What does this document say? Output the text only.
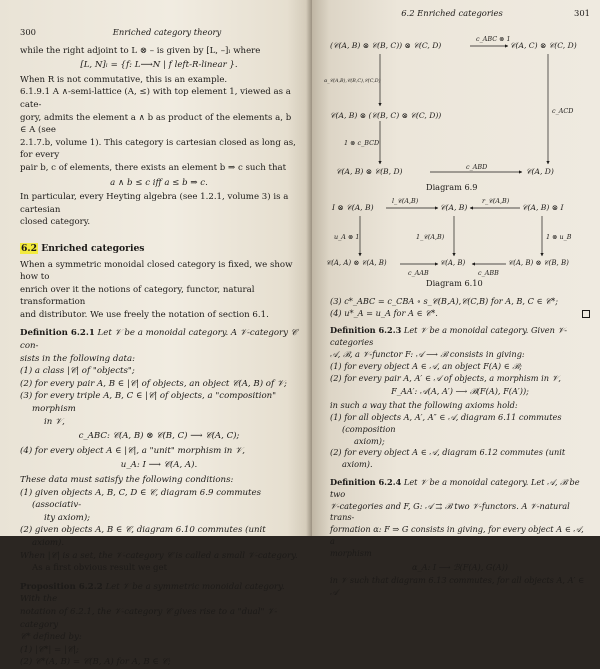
300	Enriched category theory

while the right adjoint to L ⊗ – is given by [L, –]ₗ where

[L, N]ₗ = {f: L⟶N | f left-R-linear }.

When R is not commutative, this is an example.

6.1.9.1 A ∧-semi-lattice (A, ≤) with top element 1, viewed as a cate-

gory, admits the element a ∧ b as product of the elements a, b ∈ A (see

2.1.7.b, volume 1). This category is cartesian closed as long as, for every

pair b, c of elements, there exists an element b ⇒ c such that

a ∧ b ≤ c iff a ≤ b ⇒ c.

In particular, every Heyting algebra (see 1.2.1, volume 3) is a cartesian

closed category.

6.2 Enriched categories

When a symmetric monoidal closed category is fixed, we show how to

enrich over it the notions of category, functor, natural transformation

and distributor. We use freely the notation of section 6.1.

Definition 6.2.1 Let 𝒱 be a monoidal category. A 𝒱-category 𝒞 con-

sists in the following data:

(1) a class |𝒞| of "objects";

(2) for every pair A, B ∈ |𝒞| of objects, an object 𝒞(A, B) of 𝒱;

(3) for every triple A, B, C ∈ |𝒞| of objects, a "composition" morphism

in 𝒱,

c_ABC: 𝒞(A, B) ⊗ 𝒞(B, C) ⟶ 𝒞(A, C);

(4) for every object A ∈ |𝒞|, a "unit" morphism in 𝒱,

u_A: I ⟶ 𝒞(A, A).

These data must satisfy the following conditions:

(1) given objects A, B, C, D ∈ 𝒞, diagram 6.9 commutes (associativ-

ity axiom);

(2) given objects A, B ∈ 𝒞, diagram 6.10 commutes (unit axiom).

When |𝒞| is a set, the 𝒱-category 𝒞 is called a small 𝒱-category.

As a first obvious result we get

Proposition 6.2.2 Let 𝒱 be a symmetric monoidal category. With the

notation of 6.2.1, the 𝒱-category 𝒞 gives rise to a "dual" 𝒱-category

𝒞* defined by:

(1) |𝒞*| = |𝒞|;

(2) 𝒞*(A, B) = 𝒞(B, A) for A, B ∈ 𝒞;

6.2 Enriched categories	301
(𝒞(A, B) ⊗ 𝒞(B, C)) ⊗ 𝒞(C, D)	𝒞(A, C) ⊗ 𝒞(C, D)
c_ABC ⊗ 1
α_𝒞(A,B),𝒞(B,C),𝒞(C,D)
𝒞(A, B) ⊗ (𝒞(B, C) ⊗ 𝒞(C, D))
1 ⊗ c_BCD
c_ACD
𝒞(A, B) ⊗ 𝒞(B, D)	c_ABD	𝒞(A, D)
Diagram 6.9
I ⊗ 𝒞(A, B)
l_𝒞(A,B)
𝒞(A, B)
r_𝒞(A,B)
𝒞(A, B) ⊗ I
u_A ⊗ 1	1_𝒞(A,B)	1 ⊗ u_B
𝒞(A, A) ⊗ 𝒞(A, B)
c_AAB
𝒞(A, B)
c_ABB
𝒞(A, B) ⊗ 𝒞(B, B)
Diagram 6.10

(3) c*_ABC = c_CBA ∘ s_𝒞(B,A),𝒞(C,B) for A, B, C ∈ 𝒞*;

(4) u*_A = u_A for A ∈ 𝒞*.

Definition 6.2.3 Let 𝒱 be a monoidal category. Given 𝒱-categories

𝒜, ℬ, a 𝒱-functor F: 𝒜 ⟶ ℬ consists in giving:

(1) for every object A ∈ 𝒜, an object F(A) ∈ ℬ;

(2) for every pair A, A′ ∈ 𝒜 of objects, a morphism in 𝒱,

F_AA′: 𝒜(A, A′) ⟶ ℬ(F(A), F(A′));

in such a way that the following axioms hold:

(1) for all objects A, A′, A″ ∈ 𝒜, diagram 6.11 commutes (composition

axiom);

(2) for every object A ∈ 𝒜, diagram 6.12 commutes (unit axiom).

Definition 6.2.4 Let 𝒱 be a monoidal category. Let 𝒜, ℬ be two

𝒱-categories and F, G: 𝒜 ⇉ ℬ two 𝒱-functors. A 𝒱-natural trans-

formation α: F ⇒ G consists in giving, for every object A ∈ 𝒜, a

morphism

α_A: I ⟶ ℬ(F(A), G(A))

in 𝒱 such that diagram 6.13 commutes, for all objects A, A′ ∈ 𝒜
